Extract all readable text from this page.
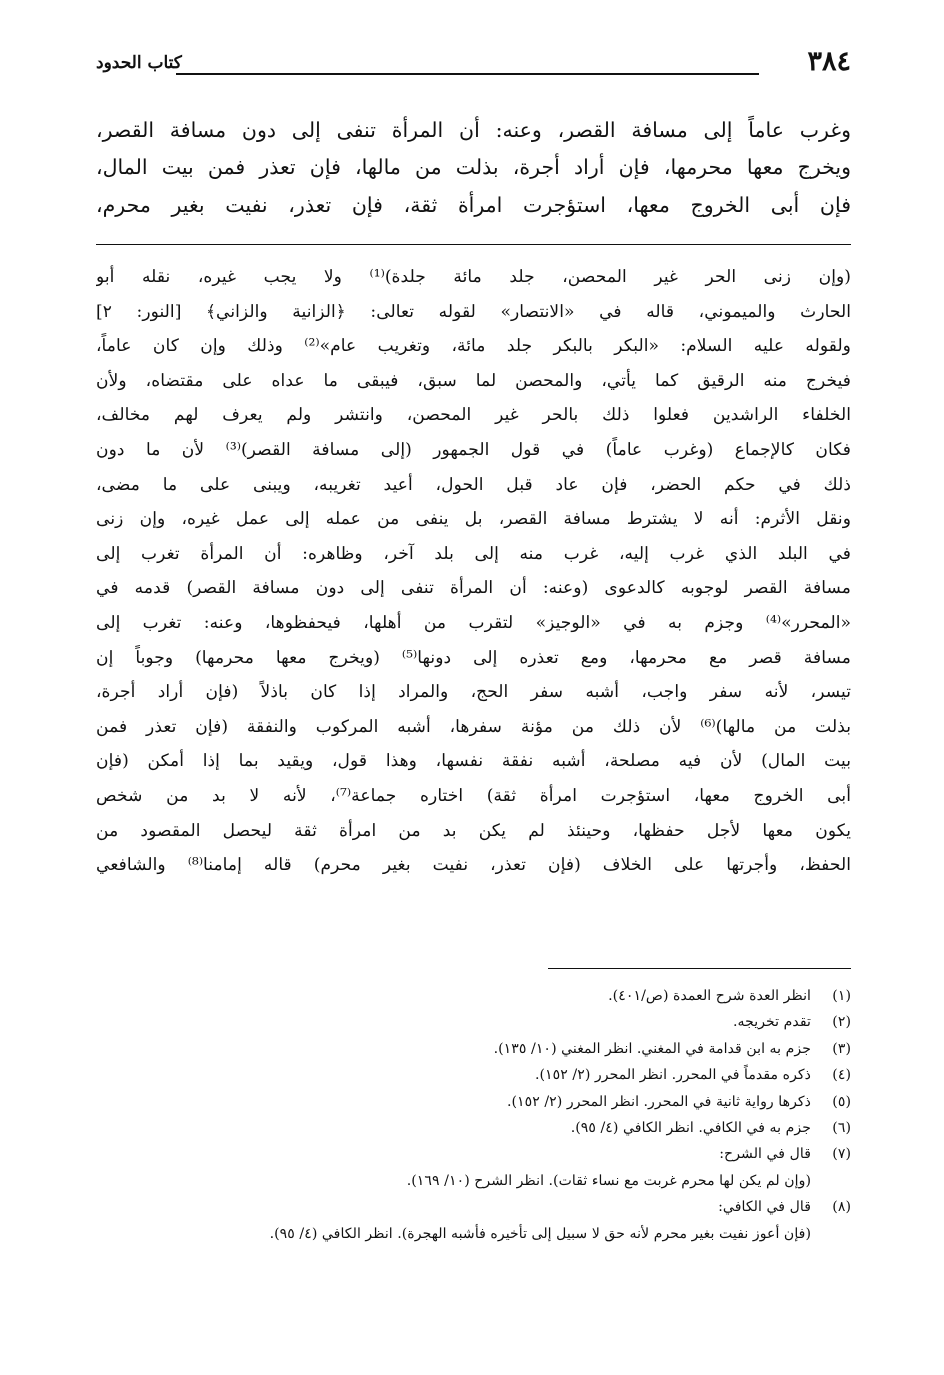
٣٨٤
كتاب الحدود
وغرب عاماً إلى مسافة القصر، وعنه: أن المرأة تنفى إلى دون مسافة القصر،
ويخرج معها محرمها، فإن أراد أجرة، بذلت من مالها، فإن تعذر فمن بيت المال،
فإن أبى الخروج معها، استؤجرت امرأة ثقة، فإن تعذر، نفيت بغير محرم،
(وإن زنى الحر غير المحصن، جلد مائة جلدة)⁽¹⁾ ولا يجب غيره، نقله أبو
الحارث والميموني، قاله في «الانتصار» لقوله تعالى: ﴿الزانية والزاني﴾ [النور: ٢]
ولقوله عليه السلام: «البكر بالبكر جلد مائة، وتغريب عام»⁽²⁾ وذلك وإن كان عاماً،
فيخرج منه الرقيق كما يأتي، والمحصن لما سبق، فيبقى ما عداه على مقتضاه، ولأن
الخلفاء الراشدين فعلوا ذلك بالحر غير المحصن، وانتشر ولم يعرف لهم مخالف،
فكان كالإجماع (وغرب عاماً) في قول الجمهور (إلى مسافة القصر)⁽³⁾ لأن ما دون
ذلك في حكم الحضر، فإن عاد قبل الحول، أعيد تغريبه، ويبنى على ما مضى،
ونقل الأثرم: أنه لا يشترط مسافة القصر، بل ينفى من عمله إلى عمل غيره، وإن زنى
في البلد الذي غرب إليه، غرب منه إلى بلد آخر، وظاهره: أن المرأة تغرب إلى
مسافة القصر لوجوبه كالدعوى (وعنه: أن المرأة تنفى إلى دون مسافة القصر) قدمه في
«المحرر»⁽⁴⁾ وجزم به في «الوجيز» لتقرب من أهلها، فيحفظوها، وعنه: تغرب إلى
مسافة قصر مع محرمها، ومع تعذره إلى دونها⁽⁵⁾ (ويخرج معها محرمها) وجوباً إن
تيسر، لأنه سفر واجب، أشبه سفر الحج، والمراد إذا كان باذلاً (فإن أراد أجرة،
بذلت من مالها)⁽⁶⁾ لأن ذلك من مؤنة سفرها، أشبه المركوب والنفقة (فإن تعذر فمن
بيت المال) لأن فيه مصلحة، أشبه نفقة نفسها، وهذا قول، ويقيد بما إذا أمكن (فإن
أبى الخروج معها، استؤجرت امرأة ثقة) اختاره جماعة⁽⁷⁾، لأنه لا بد من شخص
يكون معها لأجل حفظها، وحينئذ لم يكن بد من امرأة ثقة ليحصل المقصود من
الحفظ، وأجرتها على الخلاف (فإن تعذر، نفيت بغير محرم) قاله إمامنا⁽⁸⁾ والشافعي
(١)
انظر العدة شرح العمدة (ص/٤٠١).
(٢)
تقدم تخريجه.
(٣)
جزم به ابن قدامة في المغني. انظر المغني (١٠/ ١٣٥).
(٤)
ذكره مقدماً في المحرر. انظر المحرر (٢/ ١٥٢).
(٥)
ذكرها رواية ثانية في المحرر. انظر المحرر (٢/ ١٥٢).
(٦)
جزم به في الكافي. انظر الكافي (٤/ ٩٥).
(٧)
قال في الشرح:
(وإن لم يكن لها محرم غربت مع نساء ثقات). انظر الشرح (١٠/ ١٦٩).
(٨)
قال في الكافي:
(فإن أعوز نفيت بغير محرم لأنه حق لا سبيل إلى تأخيره فأشبه الهجرة). انظر الكافي (٤/ ٩٥).
